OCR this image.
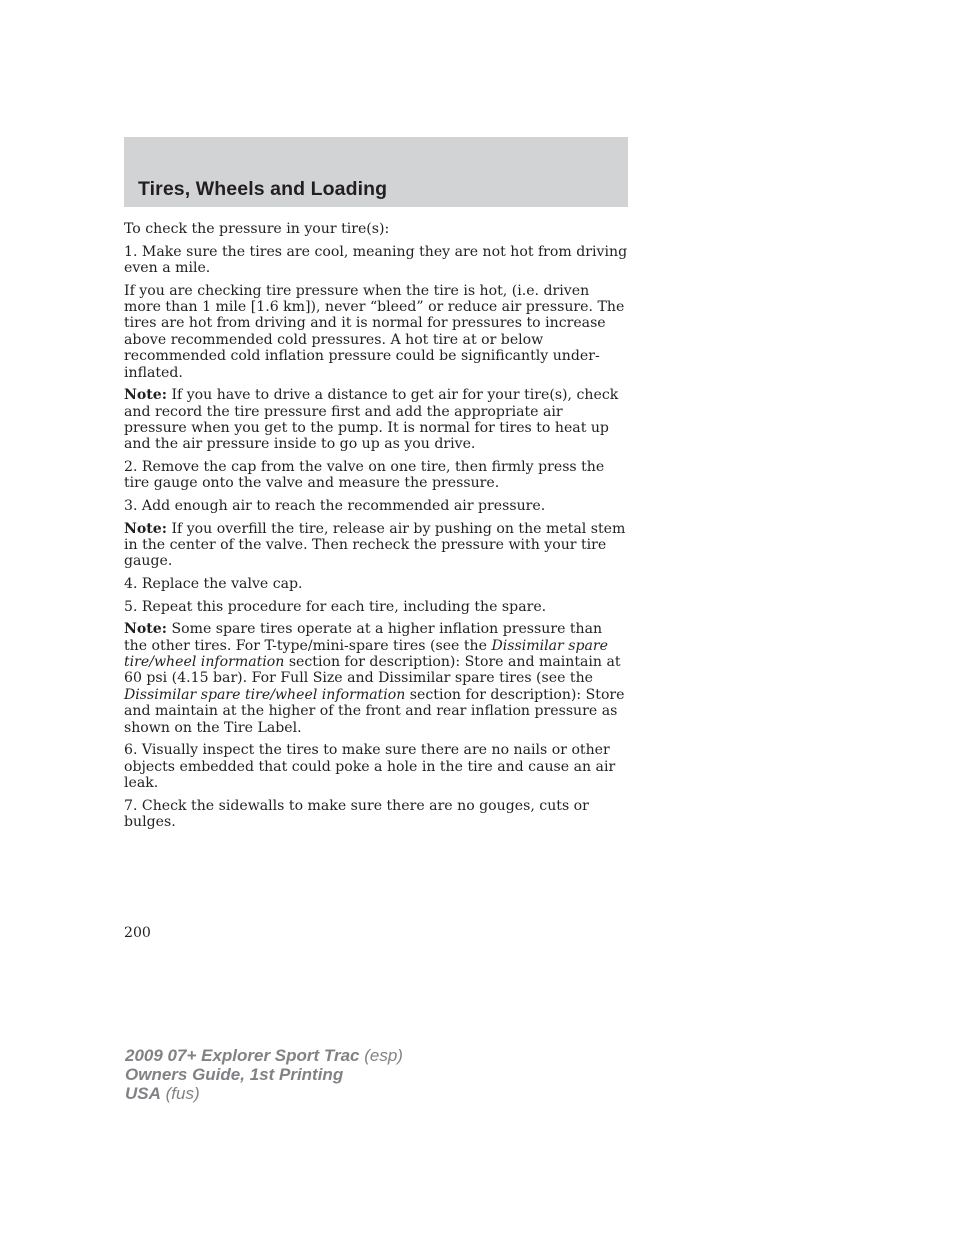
Tires, Wheels and Loading

To check the pressure in your tire(s):

1. Make sure the tires are cool, meaning they are not hot from driving even a mile.

If you are checking tire pressure when the tire is hot, (i.e. driven more than 1 mile [1.6 km]), never “bleed” or reduce air pressure. The tires are hot from driving and it is normal for pressures to increase above recommended cold pressures. A hot tire at or below recommended cold inflation pressure could be significantly under-inflated.

Note: If you have to drive a distance to get air for your tire(s), check and record the tire pressure first and add the appropriate air pressure when you get to the pump. It is normal for tires to heat up and the air pressure inside to go up as you drive.

2. Remove the cap from the valve on one tire, then firmly press the tire gauge onto the valve and measure the pressure.

3. Add enough air to reach the recommended air pressure.

Note: If you overfill the tire, release air by pushing on the metal stem in the center of the valve. Then recheck the pressure with your tire gauge.

4. Replace the valve cap.

5. Repeat this procedure for each tire, including the spare.

Note: Some spare tires operate at a higher inflation pressure than the other tires. For T-type/mini-spare tires (see the Dissimilar spare tire/wheel information section for description): Store and maintain at 60 psi (4.15 bar). For Full Size and Dissimilar spare tires (see the Dissimilar spare tire/wheel information section for description): Store and maintain at the higher of the front and rear inflation pressure as shown on the Tire Label.

6. Visually inspect the tires to make sure there are no nails or other objects embedded that could poke a hole in the tire and cause an air leak.

7. Check the sidewalls to make sure there are no gouges, cuts or bulges.

200
2009 07+ Explorer Sport Trac (esp)
Owners Guide, 1st Printing
USA (fus)
